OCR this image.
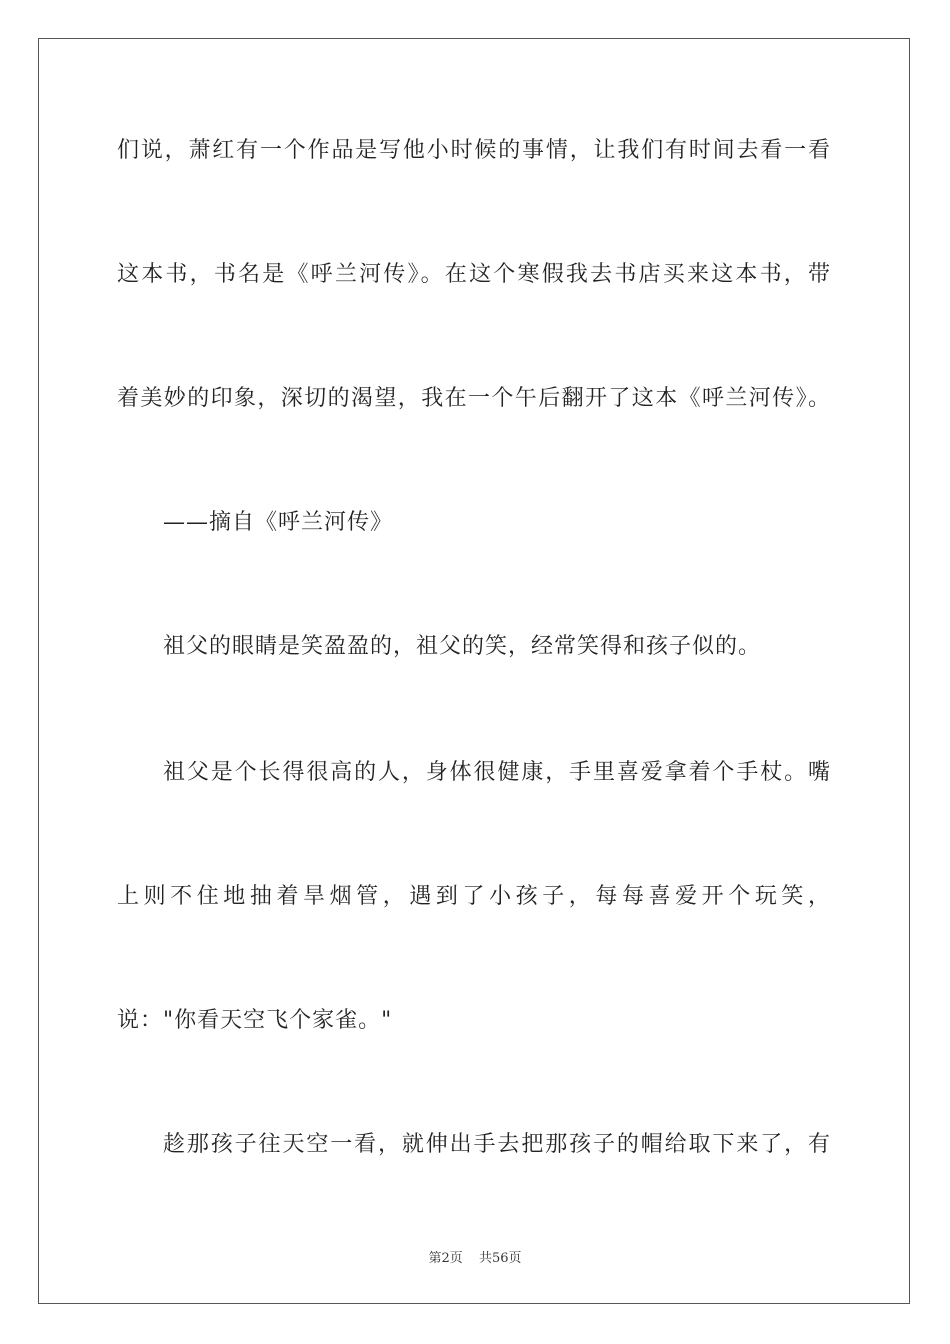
们说，萧红有一个作品是写他小时候的事情，让我们有时间去看一看
这本书，书名是《呼兰河传》。在这个寒假我去书店买来这本书，带
着美妙的印象，深切的渴望，我在一个午后翻开了这本《呼兰河传》。
——摘自《呼兰河传》
祖父的眼睛是笑盈盈的，祖父的笑，经常笑得和孩子似的。
祖父是个长得很高的人，身体很健康，手里喜爱拿着个手杖。嘴
上则不住地抽着旱烟管，遇到了小孩子，每每喜爱开个玩笑，
说："你看天空飞个家雀。"
趁那孩子往天空一看，就伸出手去把那孩子的帽给取下来了，有
第2页 共56页
